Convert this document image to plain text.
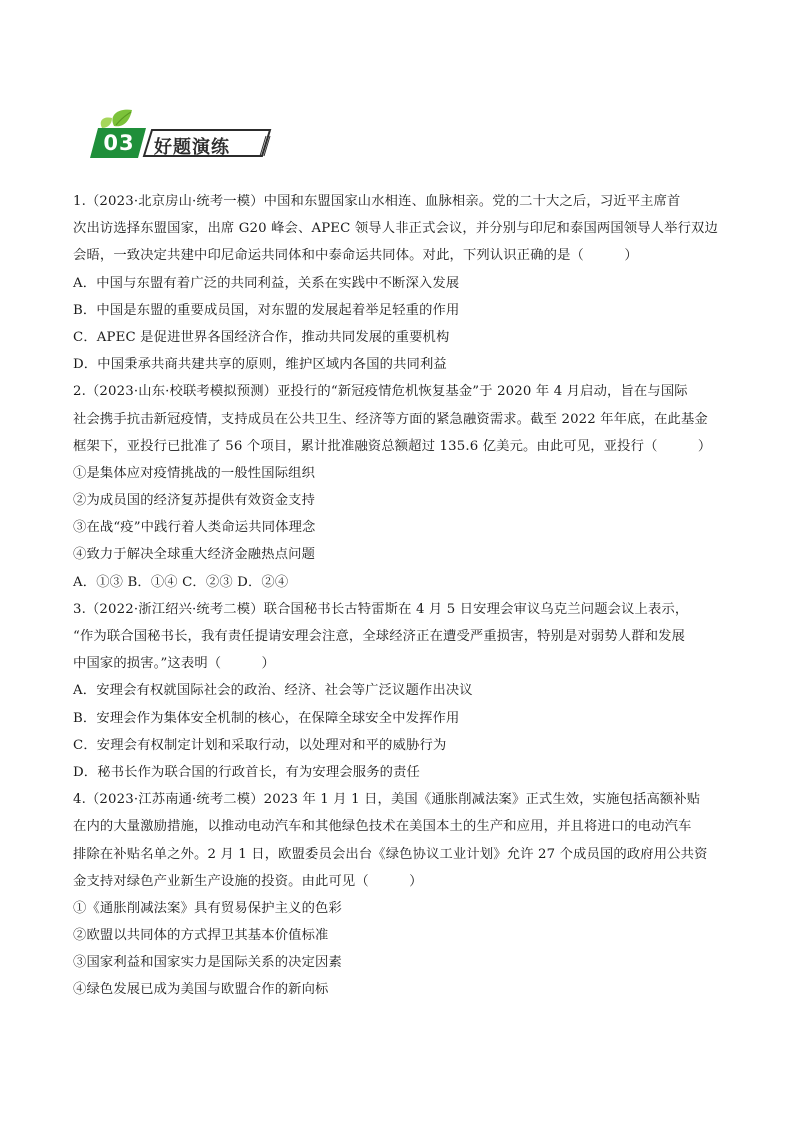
03 好题演练
1.（2023·北京房山·统考一模）中国和东盟国家山水相连、血脉相亲。党的二十大之后，习近平主席首
次出访选择东盟国家，出席 G20 峰会、APEC 领导人非正式会议，并分别与印尼和泰国两国领导人举行双边
会晤，一致决定共建中印尼命运共同体和中泰命运共同体。对此，下列认识正确的是（　　　）
A．中国与东盟有着广泛的共同利益，关系在实践中不断深入发展
B．中国是东盟的重要成员国，对东盟的发展起着举足轻重的作用
C．APEC 是促进世界各国经济合作，推动共同发展的重要机构
D．中国秉承共商共建共享的原则，维护区域内各国的共同利益
2.（2023·山东·校联考模拟预测）亚投行的“新冠疫情危机恢复基金”于 2020 年 4 月启动，旨在与国际
社会携手抗击新冠疫情，支持成员在公共卫生、经济等方面的紧急融资需求。截至 2022 年年底，在此基金
框架下，亚投行已批准了 56 个项目，累计批准融资总额超过 135.6 亿美元。由此可见，亚投行（　　　）
①是集体应对疫情挑战的一般性国际组织
②为成员国的经济复苏提供有效资金支持
③在战“疫”中践行着人类命运共同体理念
④致力于解决全球重大经济金融热点问题
A．①③ B．①④ C．②③ D．②④
3.（2022·浙江绍兴·统考二模）联合国秘书长古特雷斯在 4 月 5 日安理会审议乌克兰问题会议上表示，
“作为联合国秘书长，我有责任提请安理会注意，全球经济正在遭受严重损害，特别是对弱势人群和发展
中国家的损害。”这表明（　　　）
A．安理会有权就国际社会的政治、经济、社会等广泛议题作出决议
B．安理会作为集体安全机制的核心，在保障全球安全中发挥作用
C．安理会有权制定计划和采取行动，以处理对和平的威胁行为
D．秘书长作为联合国的行政首长，有为安理会服务的责任
4.（2023·江苏南通·统考二模）2023 年 1 月 1 日，美国《通胀削减法案》正式生效，实施包括高额补贴
在内的大量激励措施，以推动电动汽车和其他绿色技术在美国本土的生产和应用，并且将进口的电动汽车
排除在补贴名单之外。2 月 1 日，欧盟委员会出台《绿色协议工业计划》允许 27 个成员国的政府用公共资
金支持对绿色产业新生产设施的投资。由此可见（　　　）
①《通胀削减法案》具有贸易保护主义的色彩
②欧盟以共同体的方式捍卫其基本价值标准
③国家利益和国家实力是国际关系的决定因素
④绿色发展已成为美国与欧盟合作的新向标
